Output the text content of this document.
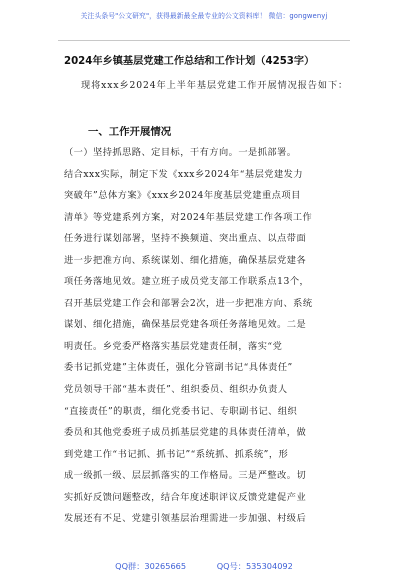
关注头条号"公文研究"，获得最新最全最专业的公文资料库！ 微信：gongwenyj
2024年乡镇基层党建工作总结和工作计划（4253字）
现将xxx乡2024年上半年基层党建工作开展情况报告如下：
一、工作开展情况
（一）坚持抓思路、定目标，干有方向。一是抓部署。
结合xxx实际，制定下发《xxx乡2024年“基层党建发力
突破年”总体方案》《xxx乡2024年度基层党建重点项目
清单》等党建系列方案，对2024年基层党建工作各项工作
任务进行谋划部署，坚持不换频道、突出重点、以点带面
进一步把准方向、系统谋划、细化措施，确保基层党建各
项任务落地见效。建立班子成员党支部工作联系点13个，
召开基层党建工作会和部署会2次，进一步把准方向、系统
谋划、细化措施，确保基层党建各项任务落地见效。二是
明责任。乡党委严格落实基层党建责任制，落实“党
委书记抓党建”主体责任，强化分管副书记“具体责任”
党员领导干部“基本责任”、组织委员、组织办负责人
“直接责任”的职责，细化党委书记、专职副书记、组织
委员和其他党委班子成员抓基层党建的具体责任清单，做
到党建工作“书记抓、抓书记”“系统抓、抓系统”，形
成一级抓一级、层层抓落实的工作格局。三是严整改。切
实抓好反馈问题整改，结合年度述职评议反馈党建促产业
发展还有不足、党建引领基层治理需进一步加强、村级后
QQ群：30265665	QQ号：535304092
